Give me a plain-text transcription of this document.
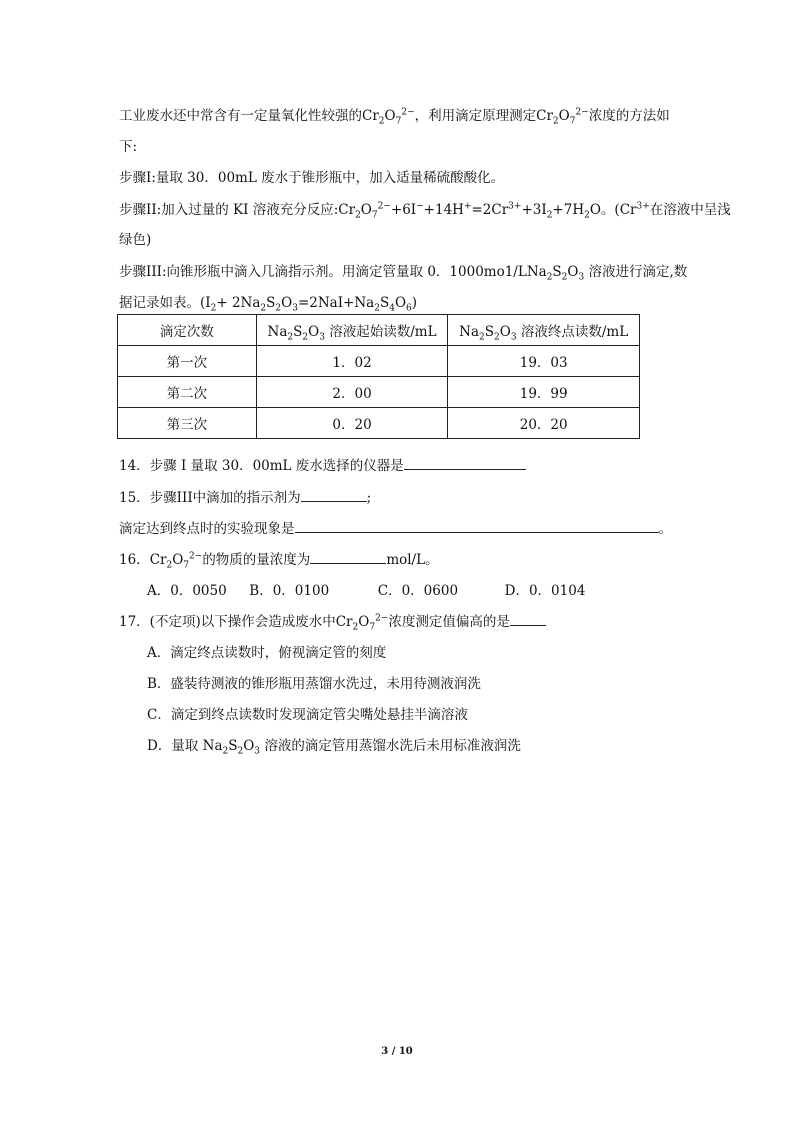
工业废水还中常含有一定量氧化性较强的$Cr_2O_7^{2-}$，利用滴定原理测定$Cr_2O_7^{2-}$浓度的方法如
下:
步骤I:量取 30．00mL 废水于锥形瓶中，加入适量稀硫酸酸化。
步骤II:加入过量的 KI 溶液充分反应$:Cr_2O_7^{2-}+6I^-+14H^+=2Cr^{3+}+3I_2+7H_2O$。($Cr^{3+}$在溶液中呈浅
绿色)
步骤III:向锥形瓶中滴入几滴指示剂。用滴定管量取 0．$1000mo1/LNa_2S_2O_3$ 溶液进行滴定,数
据记录如表。$(I_2+ 2Na_2S_2O_3=2NaI+Na_2S_4O_6)$
滴定次数	$Na_2S_2O_3$ 溶液起始读数/mL	$Na_2S_2O_3$ 溶液终点读数/mL
第一次	1．02	19．03
第二次	2．00	19．99
第三次	0．20	20．20
14．步骤 I 量取 30．00mL 废水选择的仪器是
15．步骤III中滴加的指示剂为	;
滴定达到终点时的实验现象是	。
16．$Cr_2O_7^{2-}$的物质的量浓度为	mol/L。
A．0．0050 B．0．0100	C．0．0600	D．0．0104
17．(不定项)以下操作会造成废水中$Cr_2O_7^{2-}$浓度测定值偏高的是
A．滴定终点读数时，俯视滴定管的刻度
B．盛装待测液的锥形瓶用蒸馏水洗过，未用待测液润洗
C．滴定到终点读数时发现滴定管尖嘴处悬挂半滴溶液
D．量取 $Na_2S_2O_3$ 溶液的滴定管用蒸馏水洗后未用标准液润洗
3 / 10
